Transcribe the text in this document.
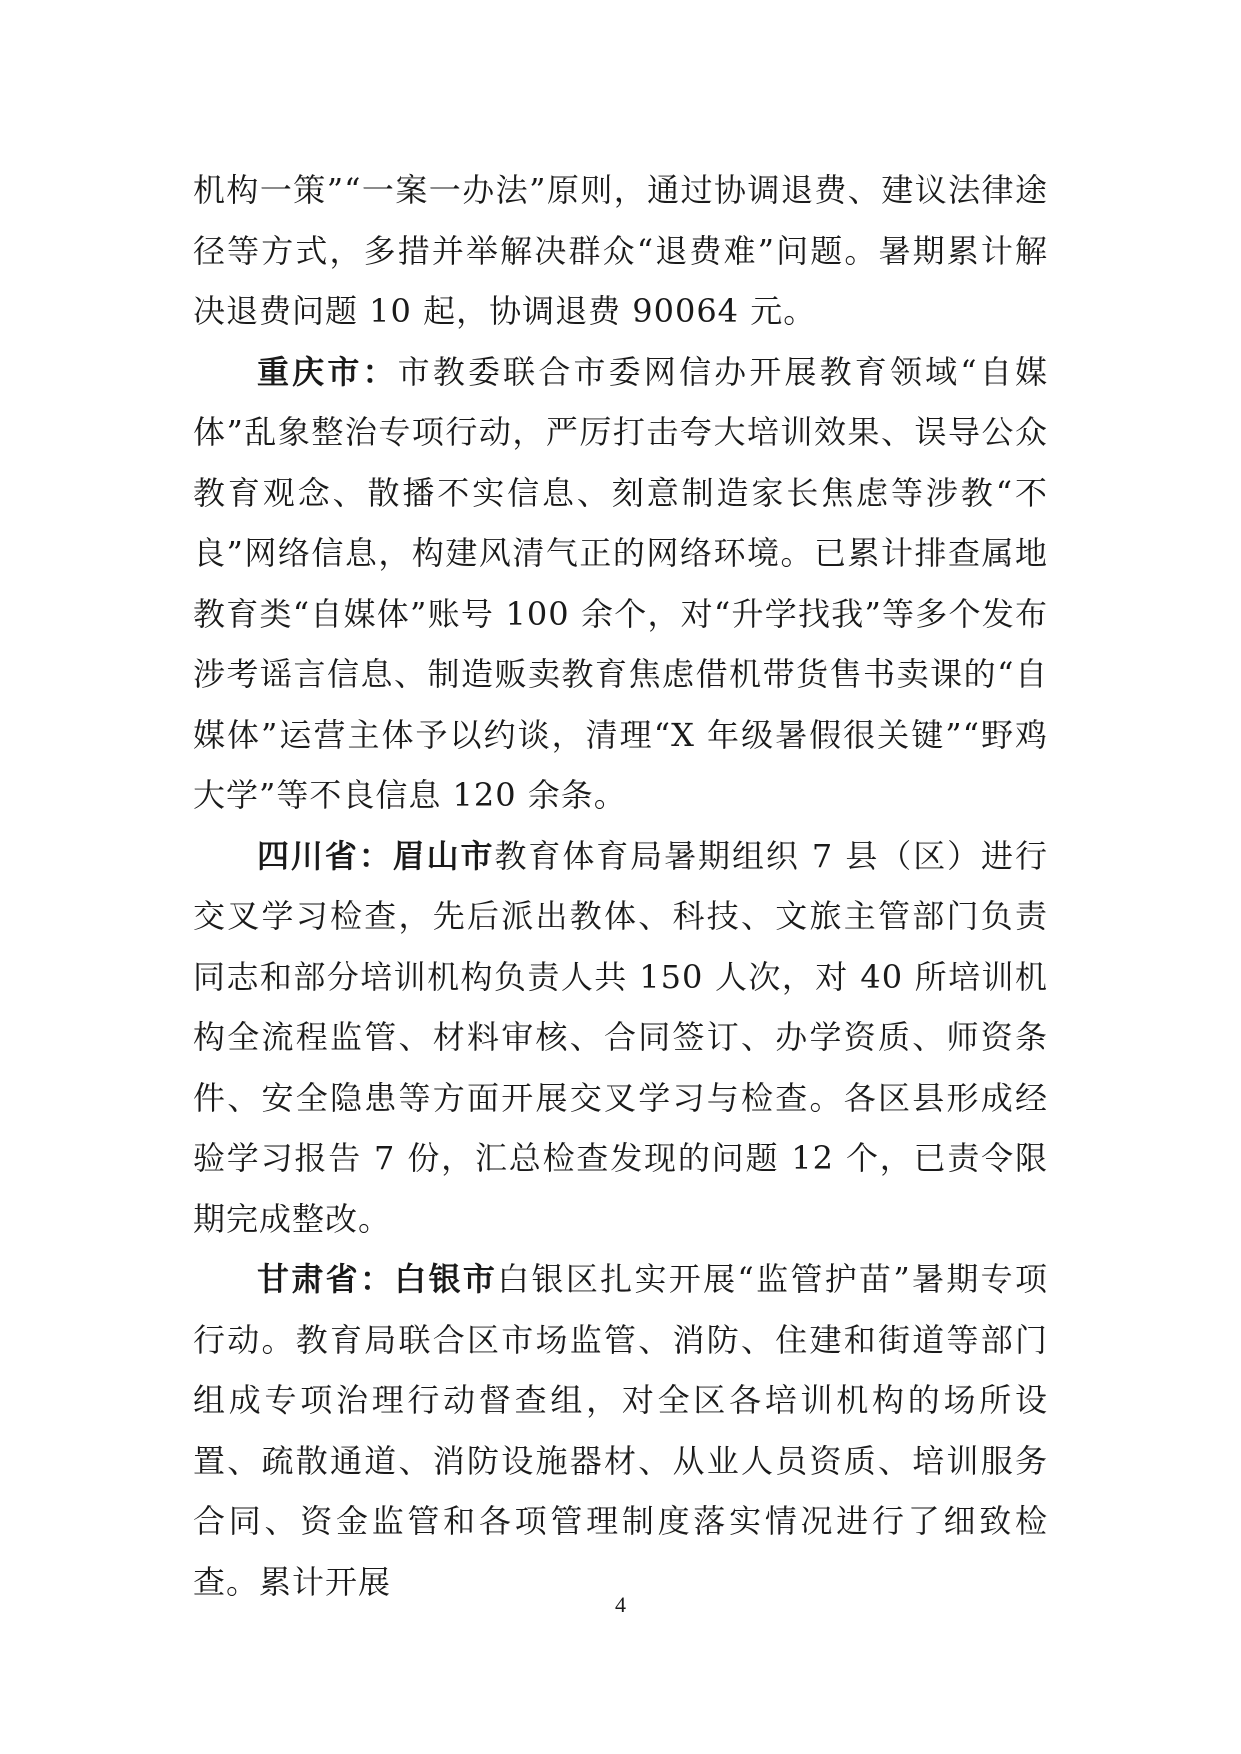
机构一策”“一案一办法”原则，通过协调退费、建议法律途径等方式，多措并举解决群众“退费难”问题。暑期累计解决退费问题 10 起，协调退费 90064 元。

重庆市：市教委联合市委网信办开展教育领域“自媒体”乱象整治专项行动，严厉打击夸大培训效果、误导公众教育观念、散播不实信息、刻意制造家长焦虑等涉教“不良”网络信息，构建风清气正的网络环境。已累计排查属地教育类“自媒体”账号 100 余个，对“升学找我”等多个发布涉考谣言信息、制造贩卖教育焦虑借机带货售书卖课的“自媒体”运营主体予以约谈，清理“X 年级暑假很关键”“野鸡大学”等不良信息 120 余条。

四川省：眉山市教育体育局暑期组织 7 县（区）进行交叉学习检查，先后派出教体、科技、文旅主管部门负责同志和部分培训机构负责人共 150 人次，对 40 所培训机构全流程监管、材料审核、合同签订、办学资质、师资条件、安全隐患等方面开展交叉学习与检查。各区县形成经验学习报告 7 份，汇总检查发现的问题 12 个，已责令限期完成整改。

甘肃省：白银市白银区扎实开展“监管护苗”暑期专项行动。教育局联合区市场监管、消防、住建和街道等部门组成专项治理行动督查组，对全区各培训机构的场所设置、疏散通道、消防设施器材、从业人员资质、培训服务合同、资金监管和各项管理制度落实情况进行了细致检查。累计开展

4
